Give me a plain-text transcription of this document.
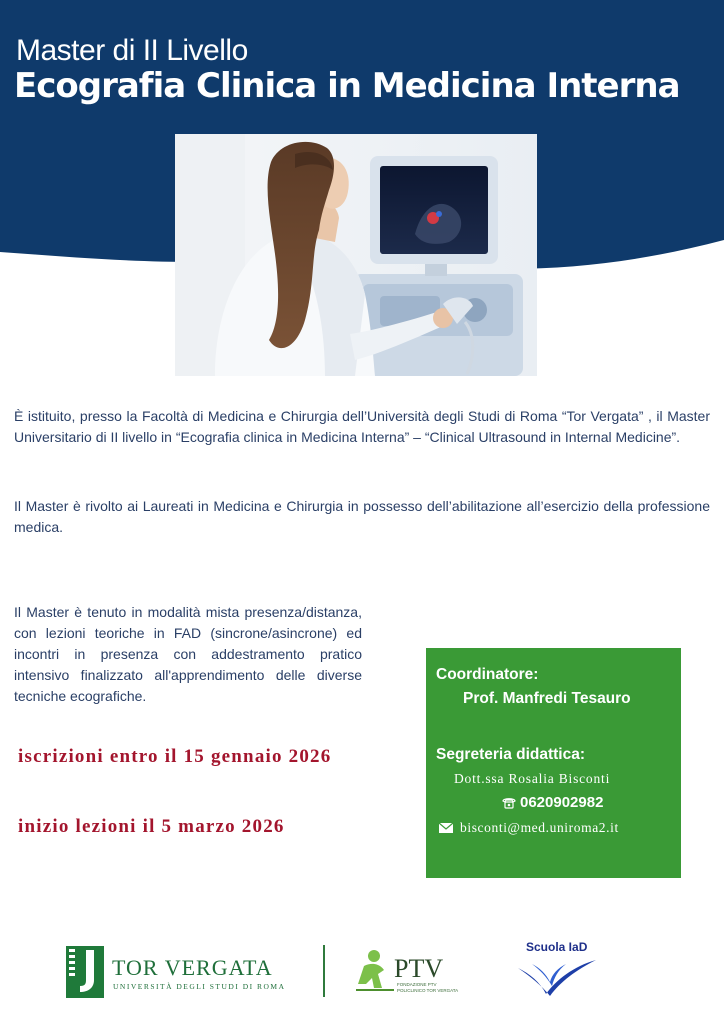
Master di II Livello
Ecografia Clinica in Medicina Interna

È istituito, presso la Facoltà di Medicina e Chirurgia dell’Università degli Studi di Roma “Tor Vergata” , il Master Universitario di II livello in “Ecografia clinica in Medicina Interna” – “Clinical Ultrasound in Internal Medicine”.

Il Master è rivolto ai Laureati in Medicina e Chirurgia in possesso dell’abilitazione all’esercizio della professione medica.

Il Master è tenuto in modalità mista presenza/distanza, con lezioni teoriche in FAD (sincrone/asincrone) ed incontri in presenza con addestramento pratico intensivo finalizzato all'apprendimento delle diverse tecniche ecografiche.

iscrizioni entro il 15 gennaio 2026
inizio lezioni il 5 marzo 2026
Coordinatore:
Prof. Manfredi Tesauro
Segreteria didattica:
Dott.ssa Rosalia Bisconti
0620902982
bisconti@med.uniroma2.it
TOR VERGATA
UNIVERSITÀ DEGLI STUDI DI ROMA
PTV
FONDAZIONE PTV
POLICLINICO TOR VERGATA
Scuola IaD
